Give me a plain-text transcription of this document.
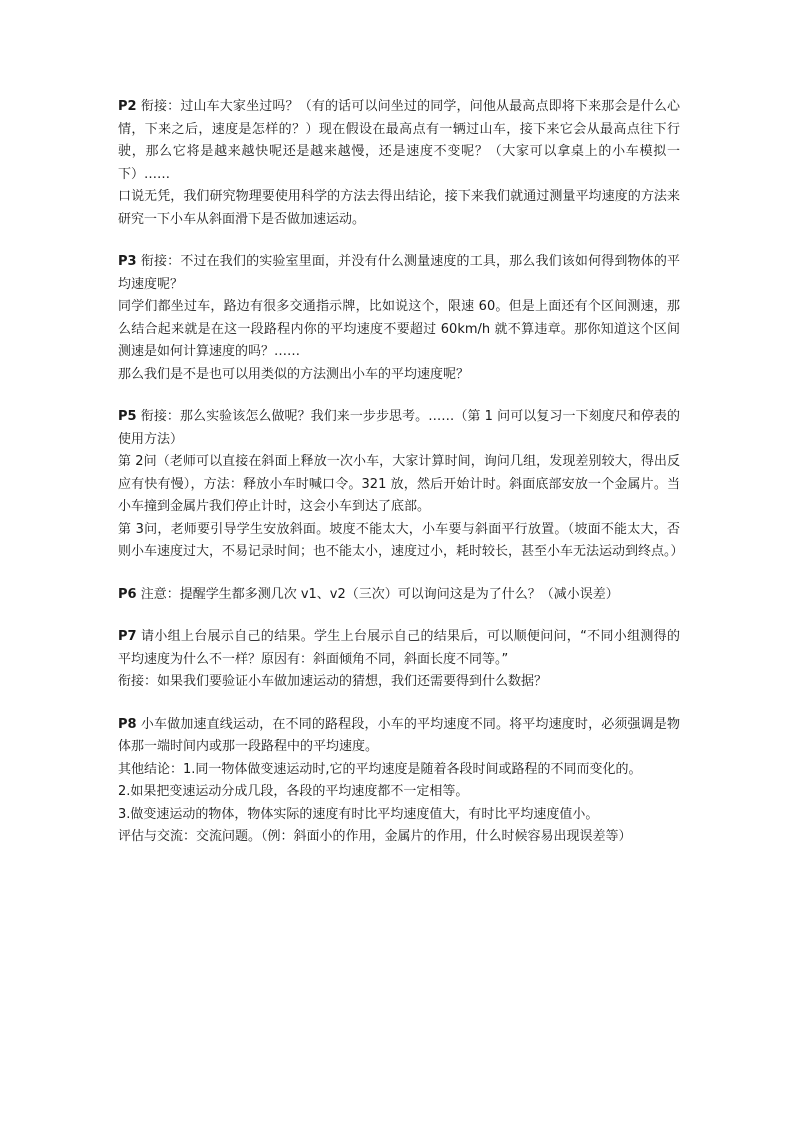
P2 衔接：过山车大家坐过吗？（有的话可以问坐过的同学，问他从最高点即将下来那会是什么心情，下来之后，速度是怎样的？）现在假设在最高点有一辆过山车，接下来它会从最高点往下行驶，那么它将是越来越快呢还是越来越慢，还是速度不变呢？（大家可以拿桌上的小车模拟一下）……

口说无凭，我们研究物理要使用科学的方法去得出结论，接下来我们就通过测量平均速度的方法来研究一下小车从斜面滑下是否做加速运动。

P3 衔接：不过在我们的实验室里面，并没有什么测量速度的工具，那么我们该如何得到物体的平均速度呢？

同学们都坐过车，路边有很多交通指示牌，比如说这个，限速 60。但是上面还有个区间测速，那么结合起来就是在这一段路程内你的平均速度不要超过 60km/h 就不算违章。那你知道这个区间测速是如何计算速度的吗？……

那么我们是不是也可以用类似的方法测出小车的平均速度呢？

P5 衔接：那么实验该怎么做呢？我们来一步步思考。……（第 1 问可以复习一下刻度尺和停表的使用方法）

第 2问（老师可以直接在斜面上释放一次小车，大家计算时间，询问几组，发现差别较大，得出反应有快有慢），方法：释放小车时喊口令。321 放，然后开始计时。斜面底部安放一个金属片。当小车撞到金属片我们停止计时，这会小车到达了底部。

第 3问，老师要引导学生安放斜面。坡度不能太大，小车要与斜面平行放置。（坡面不能太大，否则小车速度过大，不易记录时间；也不能太小，速度过小，耗时较长，甚至小车无法运动到终点。）

P6 注意：提醒学生都多测几次 v1、v2（三次）可以询问这是为了什么？（减小误差）

P7 请小组上台展示自己的结果。学生上台展示自己的结果后，可以顺便问问，“不同小组测得的平均速度为什么不一样？原因有：斜面倾角不同，斜面长度不同等。”

衔接：如果我们要验证小车做加速运动的猜想，我们还需要得到什么数据？

P8 小车做加速直线运动，在不同的路程段，小车的平均速度不同。将平均速度时，必须强调是物体那一端时间内或那一段路程中的平均速度。

其他结论：1.同一物体做变速运动时,它的平均速度是随着各段时间或路程的不同而变化的。

2.如果把变速运动分成几段，各段的平均速度都不一定相等。

3.做变速运动的物体，物体实际的速度有时比平均速度值大，有时比平均速度值小。

评估与交流：交流问题。（例：斜面小的作用，金属片的作用，什么时候容易出现误差等）
